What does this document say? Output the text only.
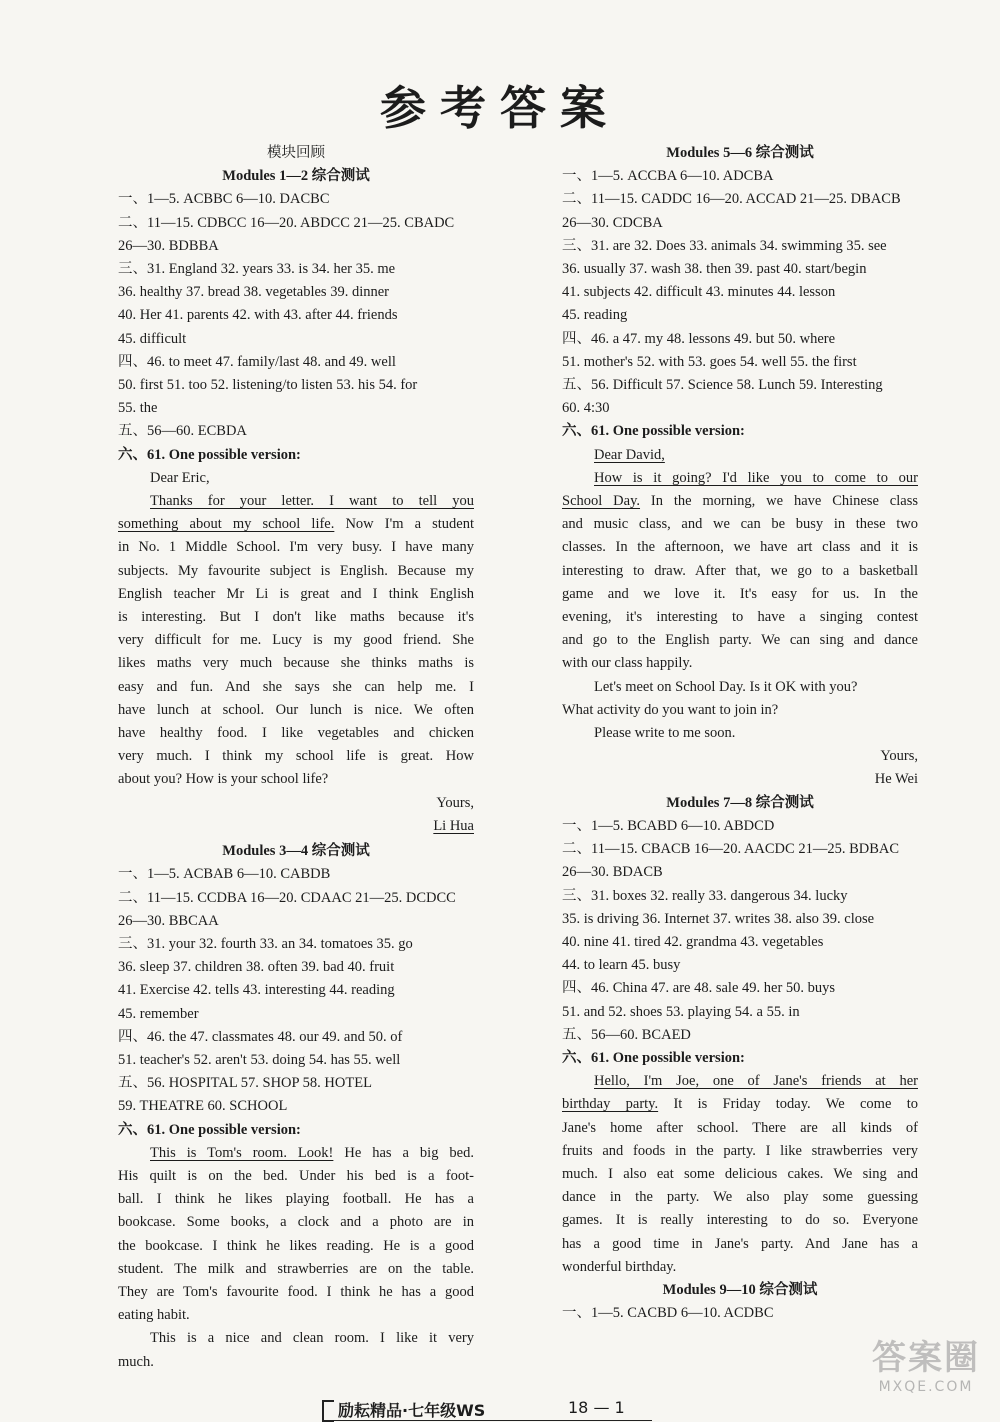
参考答案
模块回顾
Modules 1—2 综合测试
一、1—5. ACBBC 6—10. DACBC
二、11—15. CDBCC 16—20. ABDCC 21—25. CBADC
26—30. BDBBA
三、31. England 32. years 33. is 34. her 35. me
36. healthy 37. bread 38. vegetables 39. dinner
40. Her 41. parents 42. with 43. after 44. friends
45. difficult
四、46. to meet 47. family/last 48. and 49. well
50. first 51. too 52. listening/to listen 53. his 54. for
55. the
五、56—60. ECBDA
六、61. One possible version:
Dear Eric,
Thanks for your letter. I want to tell you
something about my school life. Now I'm a student
in No. 1 Middle School. I'm very busy. I have many
subjects. My favourite subject is English. Because my
English teacher Mr Li is great and I think English
is interesting. But I don't like maths because it's
very difficult for me. Lucy is my good friend. She
likes maths very much because she thinks maths is
easy and fun. And she says she can help me. I
have lunch at school. Our lunch is nice. We often
have healthy food. I like vegetables and chicken
very much. I think my school life is great. How
about you? How is your school life?
Yours,
Li Hua
Modules 3—4 综合测试
一、1—5. ACBAB 6—10. CABDB
二、11—15. CCDBA 16—20. CDAAC 21—25. DCDCC
26—30. BBCAA
三、31. your 32. fourth 33. an 34. tomatoes 35. go
36. sleep 37. children 38. often 39. bad 40. fruit
41. Exercise 42. tells 43. interesting 44. reading
45. remember
四、46. the 47. classmates 48. our 49. and 50. of
51. teacher's 52. aren't 53. doing 54. has 55. well
五、56. HOSPITAL 57. SHOP 58. HOTEL
59. THEATRE 60. SCHOOL
六、61. One possible version:
This is Tom's room. Look! He has a big bed.
His quilt is on the bed. Under his bed is a foot-
ball. I think he likes playing football. He has a
bookcase. Some books, a clock and a photo are in
the bookcase. I think he likes reading. He is a good
student. The milk and strawberries are on the table.
They are Tom's favourite food. I think he has a good
eating habit.
This is a nice and clean room. I like it very
much.
Modules 5—6 综合测试
一、1—5. ACCBA 6—10. ADCBA
二、11—15. CADDC 16—20. ACCAD 21—25. DBACB
26—30. CDCBA
三、31. are 32. Does 33. animals 34. swimming 35. see
36. usually 37. wash 38. then 39. past 40. start/begin
41. subjects 42. difficult 43. minutes 44. lesson
45. reading
四、46. a 47. my 48. lessons 49. but 50. where
51. mother's 52. with 53. goes 54. well 55. the first
五、56. Difficult 57. Science 58. Lunch 59. Interesting
60. 4:30
六、61. One possible version:
Dear David,
How is it going? I'd like you to come to our
School Day. In the morning, we have Chinese class
and music class, and we can be busy in these two
classes. In the afternoon, we have art class and it is
interesting to draw. After that, we go to a basketball
game and we love it. It's easy for us. In the
evening, it's interesting to have a singing contest
and go to the English party. We can sing and dance
with our class happily.
Let's meet on School Day. Is it OK with you?
What activity do you want to join in?
Please write to me soon.
Yours,
He Wei
Modules 7—8 综合测试
一、1—5. BCABD 6—10. ABDCD
二、11—15. CBACB 16—20. AACDC 21—25. BDBAC
26—30. BDACB
三、31. boxes 32. really 33. dangerous 34. lucky
35. is driving 36. Internet 37. writes 38. also 39. close
40. nine 41. tired 42. grandma 43. vegetables
44. to learn 45. busy
四、46. China 47. are 48. sale 49. her 50. buys
51. and 52. shoes 53. playing 54. a 55. in
五、56—60. BCAED
六、61. One possible version:
Hello, I'm Joe, one of Jane's friends at her
birthday party. It is Friday today. We come to
Jane's home after school. There are all kinds of
fruits and foods in the party. I like strawberries very
much. I also eat some delicious cakes. We sing and
dance in the party. We also play some guessing
games. It is really interesting to do so. Everyone
has a good time in Jane's party. And Jane has a
wonderful birthday.
Modules 9—10 综合测试
一、1—5. CACBD 6—10. ACDBC
励耘精品·七年级WS	18 — 1
答案圈
MXQE.COM
